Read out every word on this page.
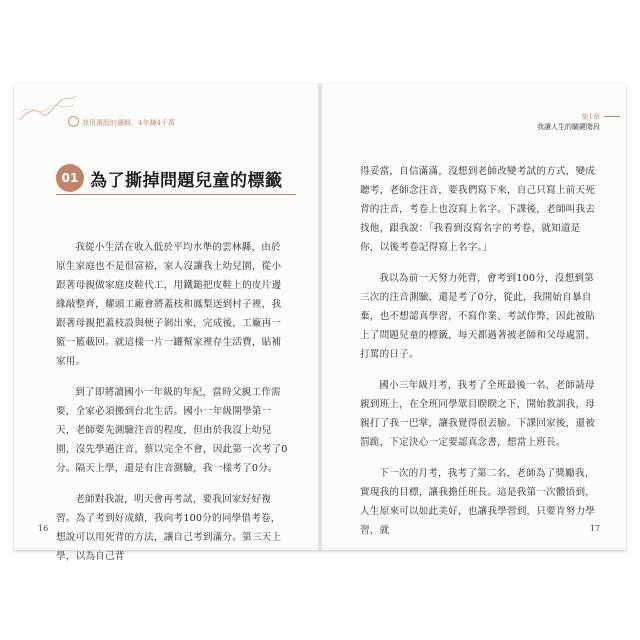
我用選股的邏輯，4年賺4千萬
01 為了撕掉問題兒童的標籤

我從小生活在收入低於平均水準的雲林縣，由於原生家庭也不是很富裕，家人沒讓我上幼兒園，從小跟著母親做家庭皮鞋代工，用鐵鎚把皮鞋上的皮片邊緣敲整齊，耀頭工廠會將蓋枝和鳳梨送到村子裡，我跟著母親把蓋枝設與梗子剝出來，完成後，工廠再一籃一籃載回。就這樣一片一罐幫家裡存生活費，貼補家用。

到了即將讀國小一年級的年紀，當時父親工作需要，全家必須搬到台北生活。國小一年級開學第一天，老師要先測驗注音的程度，但由於我沒上幼兒園，沒先學過注音，蔡以完全不會，因此第一次考了0分。隔天上學，還是有注音測驗，我一樣考了0分。

老師對我說，明天會再考試，要我回家好好複習。為了考到好成績，我向考100分的同學借考卷，想說可以用死背的方法，讓自己考到滿分。第三天上學，以為自己背

16
第1章
我讀人生的關鍵階段

得妥當，自信滿滿，沒想到老師改變考試的方式，變成聽考，老師念注音，要我們寫下來，自己只寫上前天死背的注音，考卷上也沒寫上名字。下課後，老師叫我去找他，跟我說：「我看到沒寫名字的考卷，就知道是你，以後考卷記得寫上名字。」

我以為前一天努力死背，會考到100分，沒想到第三次的注音測驗，還是考了0分，從此，我開始自暴自棄，也不想認真學習，不寫作業、考試作弊，因此被貼上了問題兒童的標籤，每天都過著被老師和父母處罰、打罵的日子。

國小三年級月考，我考了全班最後一名，老師請母親到班上，在全班同學眾目睽睽之下，開始教訓我，母親打了我一巴掌，讓我覺得很丟臉。下課回家後，還被罰跪，下定決心一定要認真念書，想當上班長。

下一次的月考，我考了第二名，老師為了獎勵我，實現我的目標，讓我擔任班長。這是我第一次體悟到，人生原來可以如此美好，也讓我學習到，只要肯努力學習，就	17
